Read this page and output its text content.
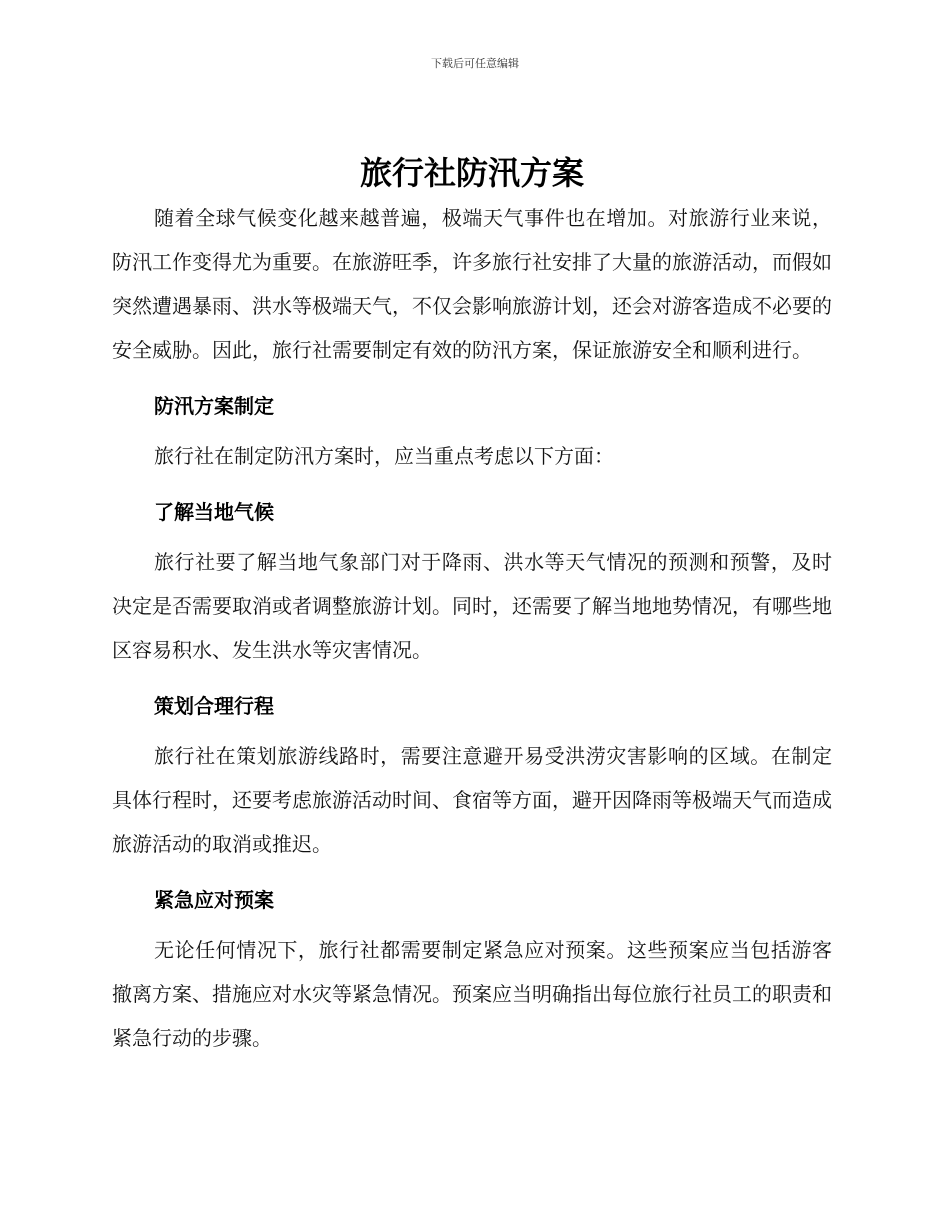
下载后可任意编辑
旅行社防汛方案

随着全球气候变化越来越普遍，极端天气事件也在增加。对旅游行业来说，防汛工作变得尤为重要。在旅游旺季，许多旅行社安排了大量的旅游活动，而假如突然遭遇暴雨、洪水等极端天气，不仅会影响旅游计划，还会对游客造成不必要的安全威胁。因此，旅行社需要制定有效的防汛方案，保证旅游安全和顺利进行。

防汛方案制定

旅行社在制定防汛方案时，应当重点考虑以下方面：

了解当地气候

旅行社要了解当地气象部门对于降雨、洪水等天气情况的预测和预警，及时决定是否需要取消或者调整旅游计划。同时，还需要了解当地地势情况，有哪些地区容易积水、发生洪水等灾害情况。

策划合理行程

旅行社在策划旅游线路时，需要注意避开易受洪涝灾害影响的区域。在制定具体行程时，还要考虑旅游活动时间、食宿等方面，避开因降雨等极端天气而造成旅游活动的取消或推迟。

紧急应对预案

无论任何情况下，旅行社都需要制定紧急应对预案。这些预案应当包括游客撤离方案、措施应对水灾等紧急情况。预案应当明确指出每位旅行社员工的职责和紧急行动的步骤。
